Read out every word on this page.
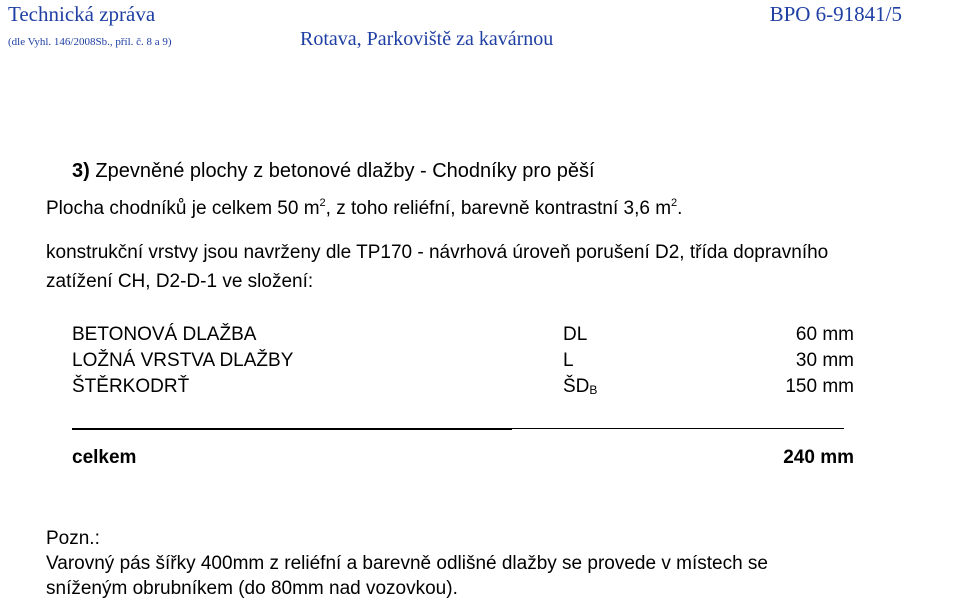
Technická zpráva
(dle Vyhl. 146/2008Sb., příl. č. 8 a 9)	Rotava, Parkoviště za kavárnou
BPO 6-91841/5
3) Zpevněné plochy z betonové dlažby - Chodníky pro pěší
Plocha chodníků je celkem 50 $m^2$, z toho reliéfní, barevně kontrastní 3,6 $m^2$.
konstrukční vrstvy jsou navrženy dle TP170 - návrhová úroveň porušení D2, třída dopravního
zatížení CH, D2-D-1 ve složení:
BETONOVÁ DLAŽBA	DL	60 mm
LOŽNÁ VRSTVA DLAŽBY	L	30 mm
ŠTĚRKODRŤ	$ŠD_B$	150 mm
celkem	240 mm
Pozn.:
Varovný pás šířky 400mm z reliéfní a barevně odlišné dlažby se provede v místech se
sníženým obrubníkem (do 80mm nad vozovkou).
